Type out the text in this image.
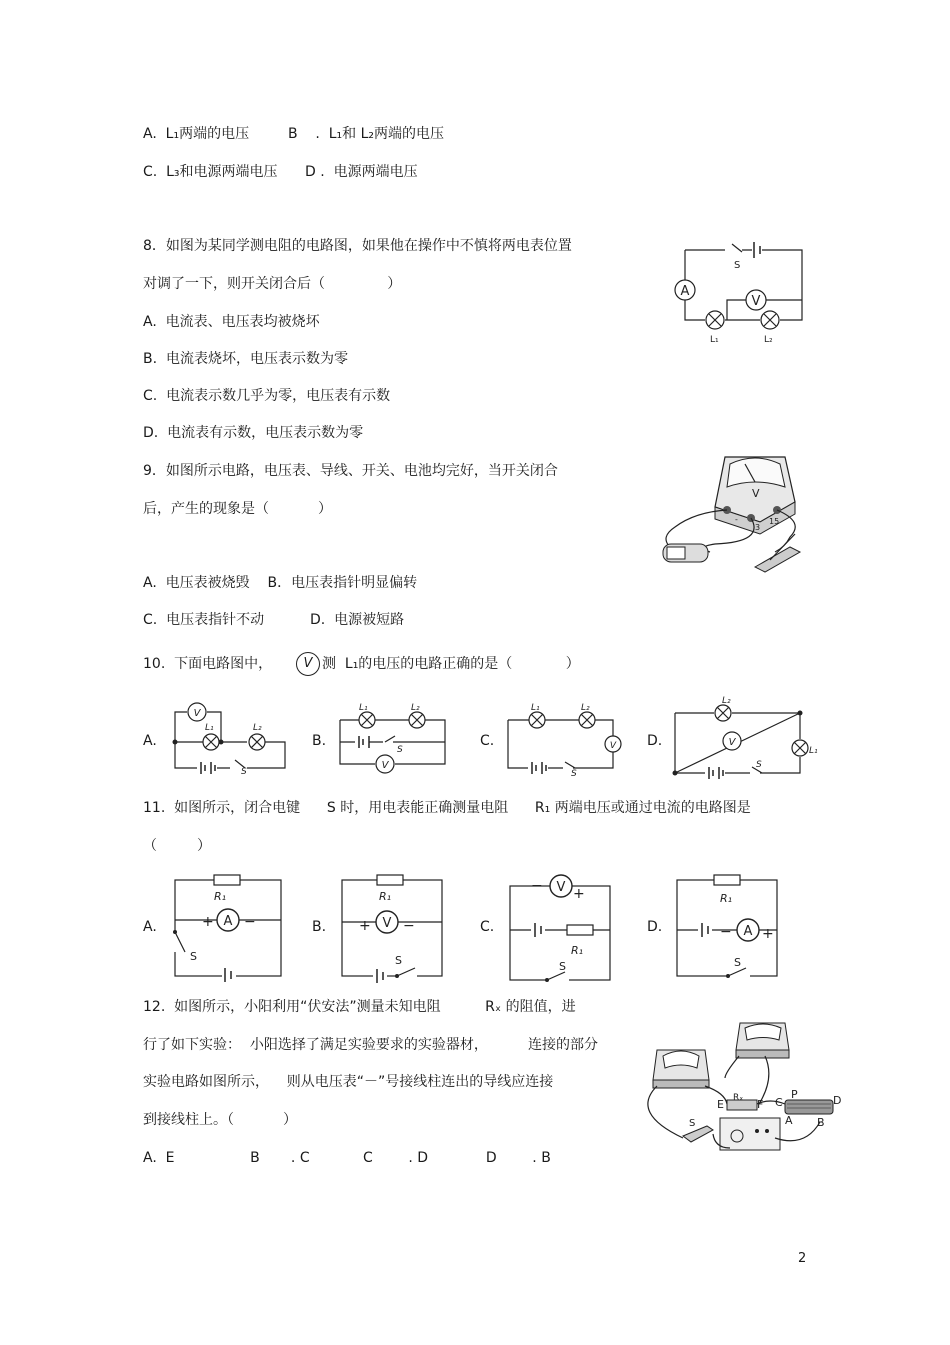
A.  L₁两端的电压	B    .  L₁和 L₂两端的电压
C.  L₃和电源两端电压 D .  电源两端电压
8．如图为某同学测电阻的电路图，如果他在操作中不慎将两电表位置
对调了一下，则开关闭合后（              ）
A.  电流表、电压表均被烧坏
B.  电流表烧坏，电压表示数为零
C.  电流表示数几乎为零，电压表有示数
D.  电流表有示数，电压表示数为零
A
V
S
L₁	L₂
9．如图所示电路，电压表、导线、开关、电池均完好，当开关闭合
后，产生的现象是（           ）
A.  电压表被烧毁    B．电压表指针明显偏转
C.  电压表指针不动	D.  电源被短路
V
-
3
15
10.  下面电路图中，	V 测  L₁的电压的电路正确的是（            ）
A.
V
L₁	L₂
S
B.
V
L₁	L₂
S
C.	V
L₁	L₂
S
D.	V
L₂
L₁
S
11.  如图所示，闭合电键      S 时，用电表能正确测量电阻      R₁ 两端电压或通过电流的电路图是
（         ）
A.	A
+ −
R₁
S
B.	V
+ −
R₁
S
C.
V
− +
R₁
S
D.
R₁
A
− +
S
12.  如图所示，小阳利用“伏安法”测量未知电阻          Rₓ 的阻值，进
行了如下实验：  小阳选择了满足实验要求的实验器材，         连接的部分
实验电路如图所示，    则从电压表“－”号接线柱连出的导线应连接
到接线柱上。（           ）
A.  E                 B       . C            C        . D             D        . B
Rₓ
E	F C
P	D
A B
S
2
